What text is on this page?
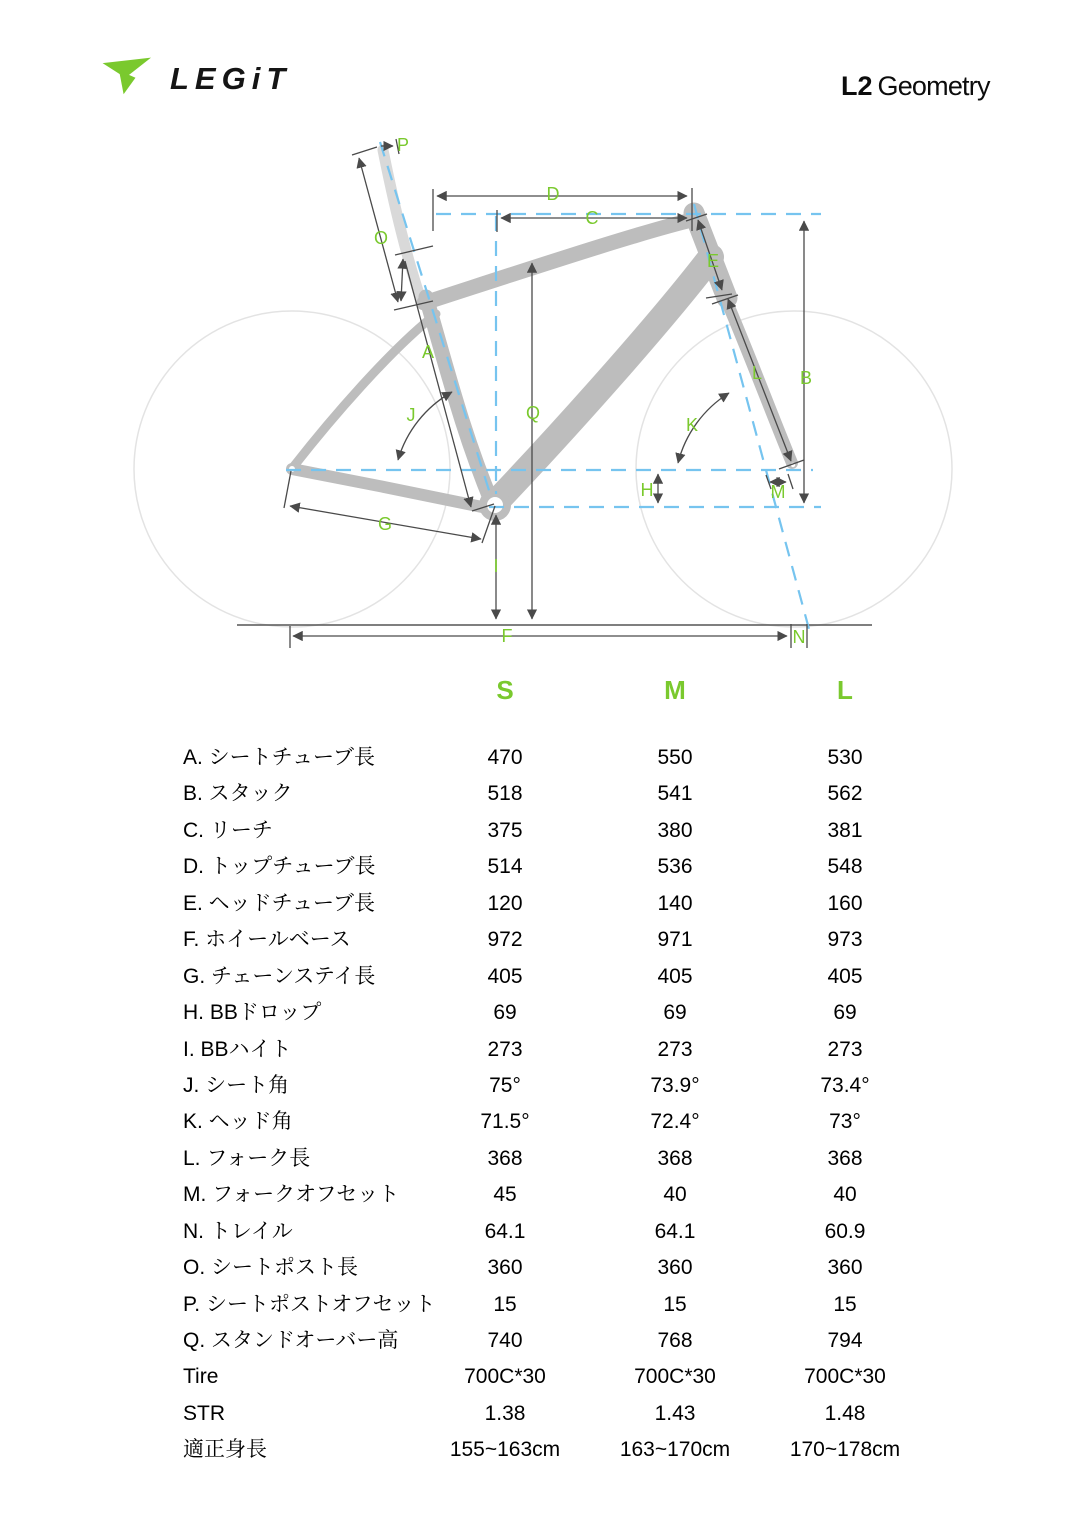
LEGiT	L2 Geometry
P
D
C
O
E
A
L B
J	Q
K
H	M
G
I
F	N
S	M	L
A. シートチューブ長	470	550	530
B. スタック	518	541	562
C. リーチ	375	380	381
D. トップチューブ長	514	536	548
E. ヘッドチューブ長	120	140	160
F. ホイールベース	972	971	973
G. チェーンステイ長	405	405	405
H. BBドロップ	69	69	69
I. BBハイト	273	273	273
J. シート角	75°	73.9°	73.4°
K. ヘッド角	71.5°	72.4°	73°
L. フォーク長	368	368	368
M. フォークオフセット	45	40	40
N. トレイル	64.1	64.1	60.9
O. シートポスト長	360	360	360
P. シートポストオフセット	15	15	15
Q. スタンドオーバー高	740	768	794
Tire	700C*30	700C*30	700C*30
STR	1.38	1.43	1.48
適正身長	155~163cm	163~170cm	170~178cm
